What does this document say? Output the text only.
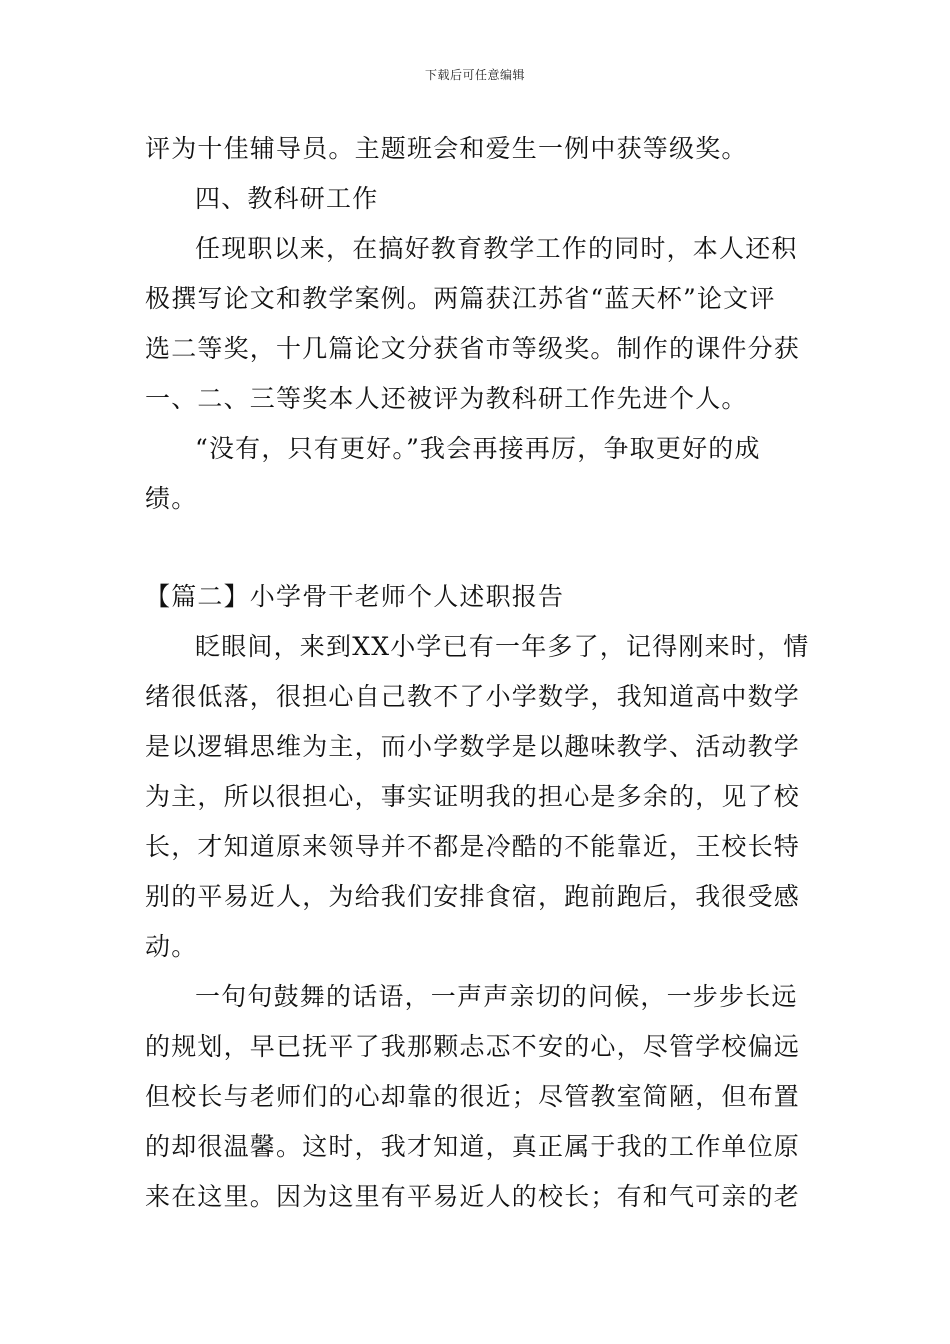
下载后可任意编辑
评为十佳辅导员。主题班会和爱生一例中获等级奖。
四、教科研工作
任现职以来，在搞好教育教学工作的同时，本人还积
极撰写论文和教学案例。两篇获江苏省“蓝天杯”论文评
选二等奖，十几篇论文分获省市等级奖。制作的课件分获
一、二、三等奖本人还被评为教科研工作先进个人。
“没有，只有更好。”我会再接再厉，争取更好的成
绩。
【篇二】小学骨干老师个人述职报告
眨眼间，来到XX小学已有一年多了，记得刚来时，情
绪很低落，很担心自己教不了小学数学，我知道高中数学
是以逻辑思维为主，而小学数学是以趣味教学、活动教学
为主，所以很担心，事实证明我的担心是多余的，见了校
长，才知道原来领导并不都是冷酷的不能靠近，王校长特
别的平易近人，为给我们安排食宿，跑前跑后，我很受感
动。
一句句鼓舞的话语，一声声亲切的问候，一步步长远
的规划，早已抚平了我那颗忐忑不安的心，尽管学校偏远
但校长与老师们的心却靠的很近；尽管教室简陋，但布置
的却很温馨。这时，我才知道，真正属于我的工作单位原
来在这里。因为这里有平易近人的校长；有和气可亲的老
